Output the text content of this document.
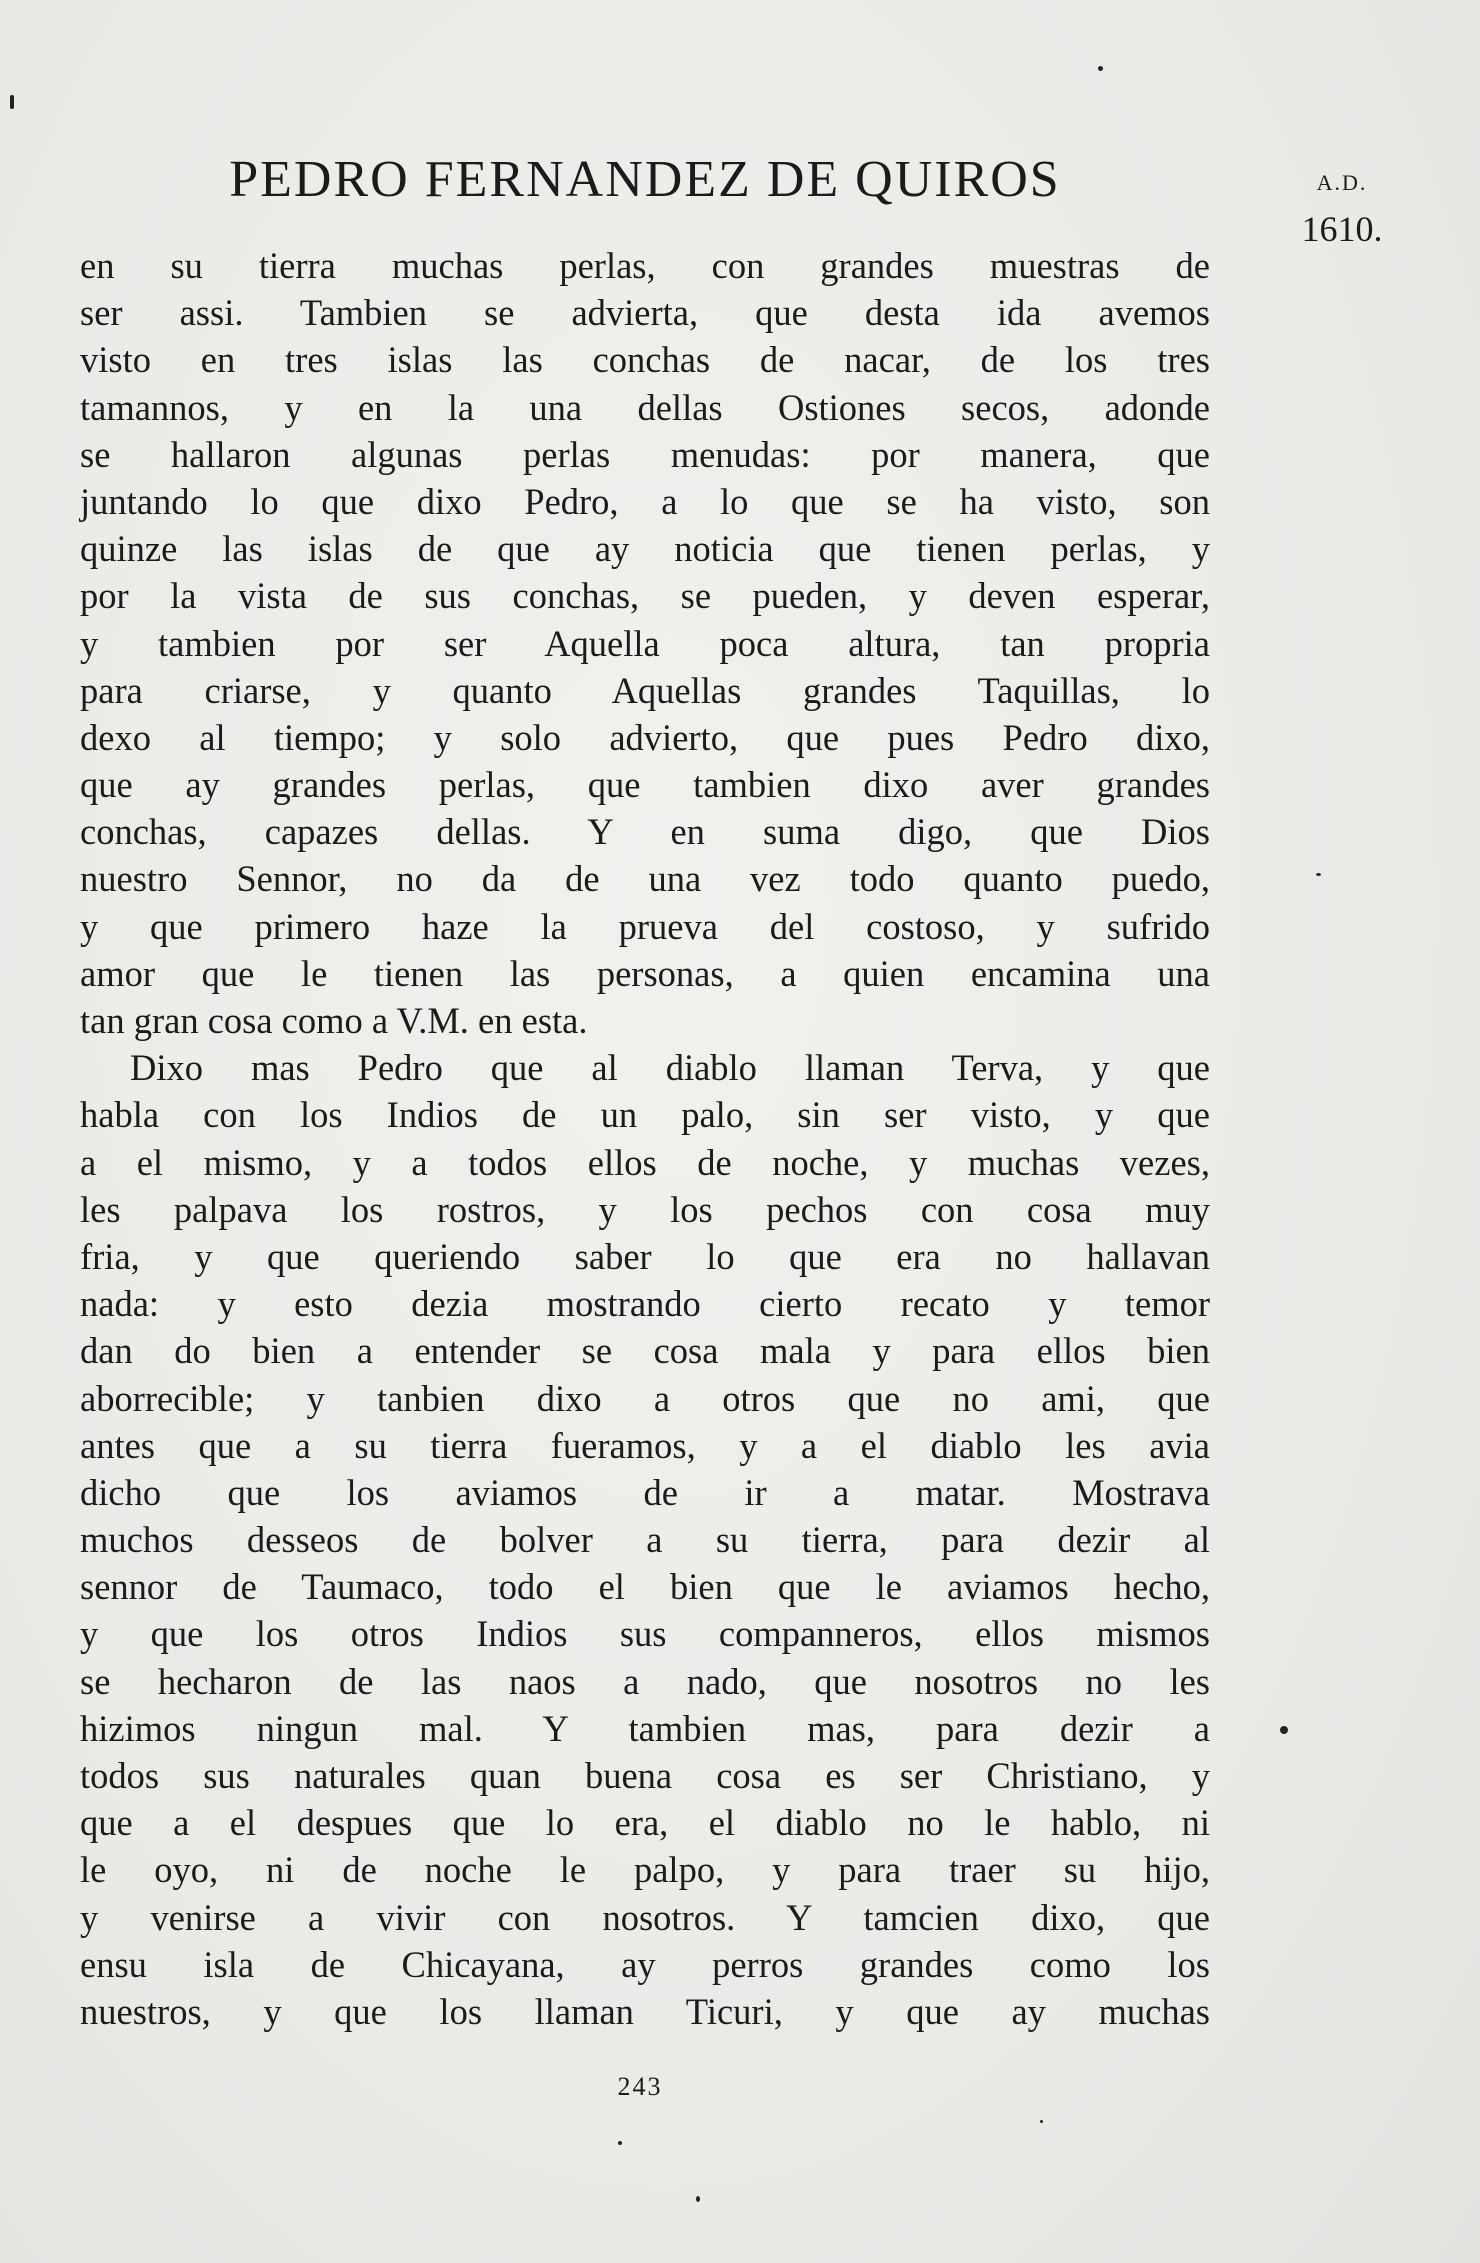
PEDRO FERNANDEZ DE QUIROS	A.D.
1610.
en su tierra muchas perlas, con grandes muestras de
ser assi. Tambien se advierta, que desta ida avemos
visto en tres islas las conchas de nacar, de los tres
tamannos, y en la una dellas Ostiones secos, adonde
se hallaron algunas perlas menudas: por manera, que
juntando lo que dixo Pedro, a lo que se ha visto, son
quinze las islas de que ay noticia que tienen perlas, y
por la vista de sus conchas, se pueden, y deven esperar,
y tambien por ser Aquella poca altura, tan propria
para criarse, y quanto Aquellas grandes Taquillas, lo
dexo al tiempo; y solo advierto, que pues Pedro dixo,
que ay grandes perlas, que tambien dixo aver grandes
conchas, capazes dellas. Y en suma digo, que Dios
nuestro Sennor, no da de una vez todo quanto puedo,
y que primero haze la prueva del costoso, y sufrido
amor que le tienen las personas, a quien encamina una
tan gran cosa como a V.M. en esta.
Dixo mas Pedro que al diablo llaman Terva, y que
habla con los Indios de un palo, sin ser visto, y que
a el mismo, y a todos ellos de noche, y muchas vezes,
les palpava los rostros, y los pechos con cosa muy
fria, y que queriendo saber lo que era no hallavan
nada: y esto dezia mostrando cierto recato y temor
dan do bien a entender se cosa mala y para ellos bien
aborrecible; y tanbien dixo a otros que no ami, que
antes que a su tierra fueramos, y a el diablo les avia
dicho que los aviamos de ir a matar. Mostrava
muchos desseos de bolver a su tierra, para dezir al
sennor de Taumaco, todo el bien que le aviamos hecho,
y que los otros Indios sus companneros, ellos mismos
se hecharon de las naos a nado, que nosotros no les
hizimos ningun mal. Y tambien mas, para dezir a
todos sus naturales quan buena cosa es ser Christiano, y
que a el despues que lo era, el diablo no le hablo, ni
le oyo, ni de noche le palpo, y para traer su hijo,
y venirse a vivir con nosotros. Y tamcien dixo, que
ensu isla de Chicayana, ay perros grandes como los
nuestros, y que los llaman Ticuri, y que ay muchas
243
